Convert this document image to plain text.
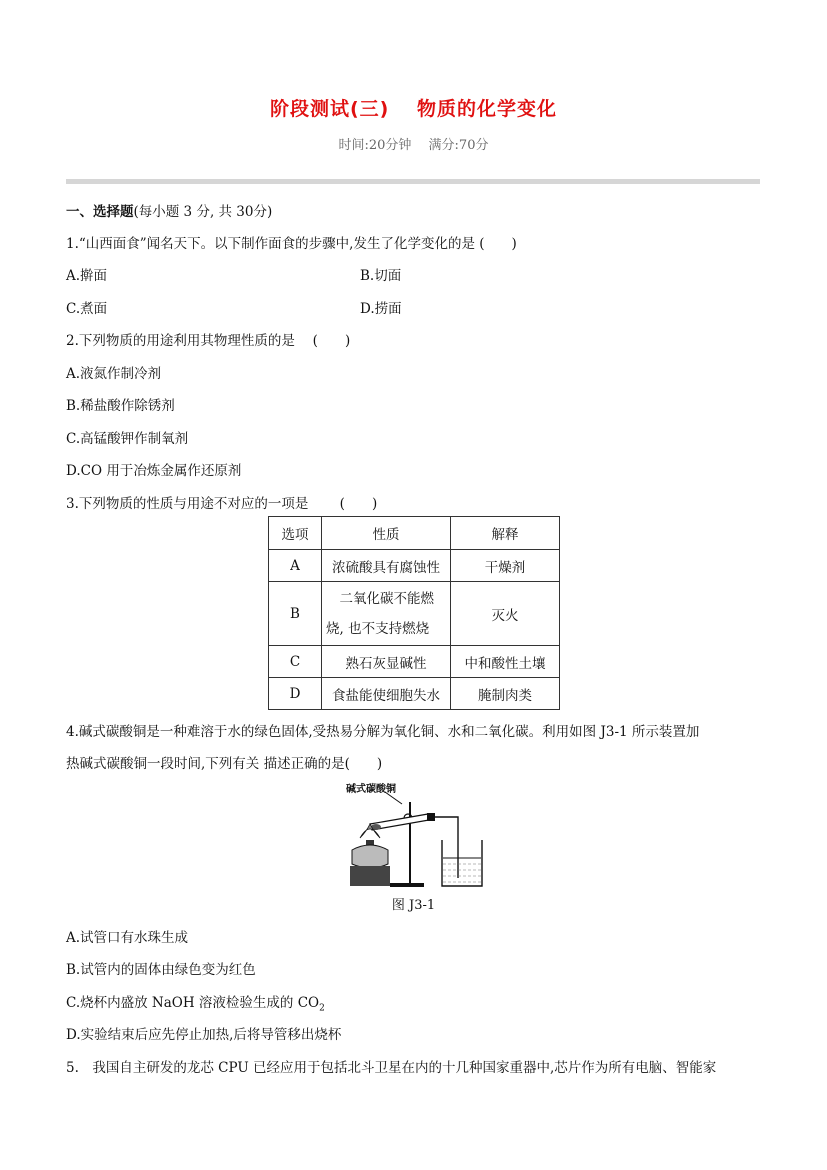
阶段测试(三)　 物质的化学变化
时间:20分钟　 满分:70分
一、选择题(每小题 3 分, 共 30分)
1.“山西面食”闻名天下。以下制作面食的步骤中,发生了化学变化的是 (　　)
A.擀面	B.切面
C.煮面	D.捞面
2.下列物质的用途利用其物理性质的是 　(　　)
A.液氮作制冷剂
B.稀盐酸作除锈剂
C.高锰酸钾作制氧剂
D.CO 用于冶炼金属作还原剂
3.下列物质的性质与用途不对应的一项是 　　(　　)
选项	性质	解释
A	浓硫酸具有腐蚀性	干燥剂
B	　二氧化碳不能燃烧, 也不支持燃烧	灭火
C	熟石灰显碱性	中和酸性土壤
D	食盐能使细胞失水	腌制肉类
4.碱式碳酸铜是一种难溶于水的绿色固体,受热易分解为氧化铜、水和二氧化碳。利用如图 J3-1 所示装置加
热碱式碳酸铜一段时间,下列有关 描述正确的是(　　)
碱式碳酸铜
图 J3-1
A.试管口有水珠生成
B.试管内的固体由绿色变为红色
C.烧杯内盛放 NaOH 溶液检验生成的 $CO_2$
D.实验结束后应先停止加热,后将导管移出烧杯
5.　我国自主研发的龙芯 CPU 已经应用于包括北斗卫星在内的十几种国家重器中,芯片作为所有电脑、智能家
